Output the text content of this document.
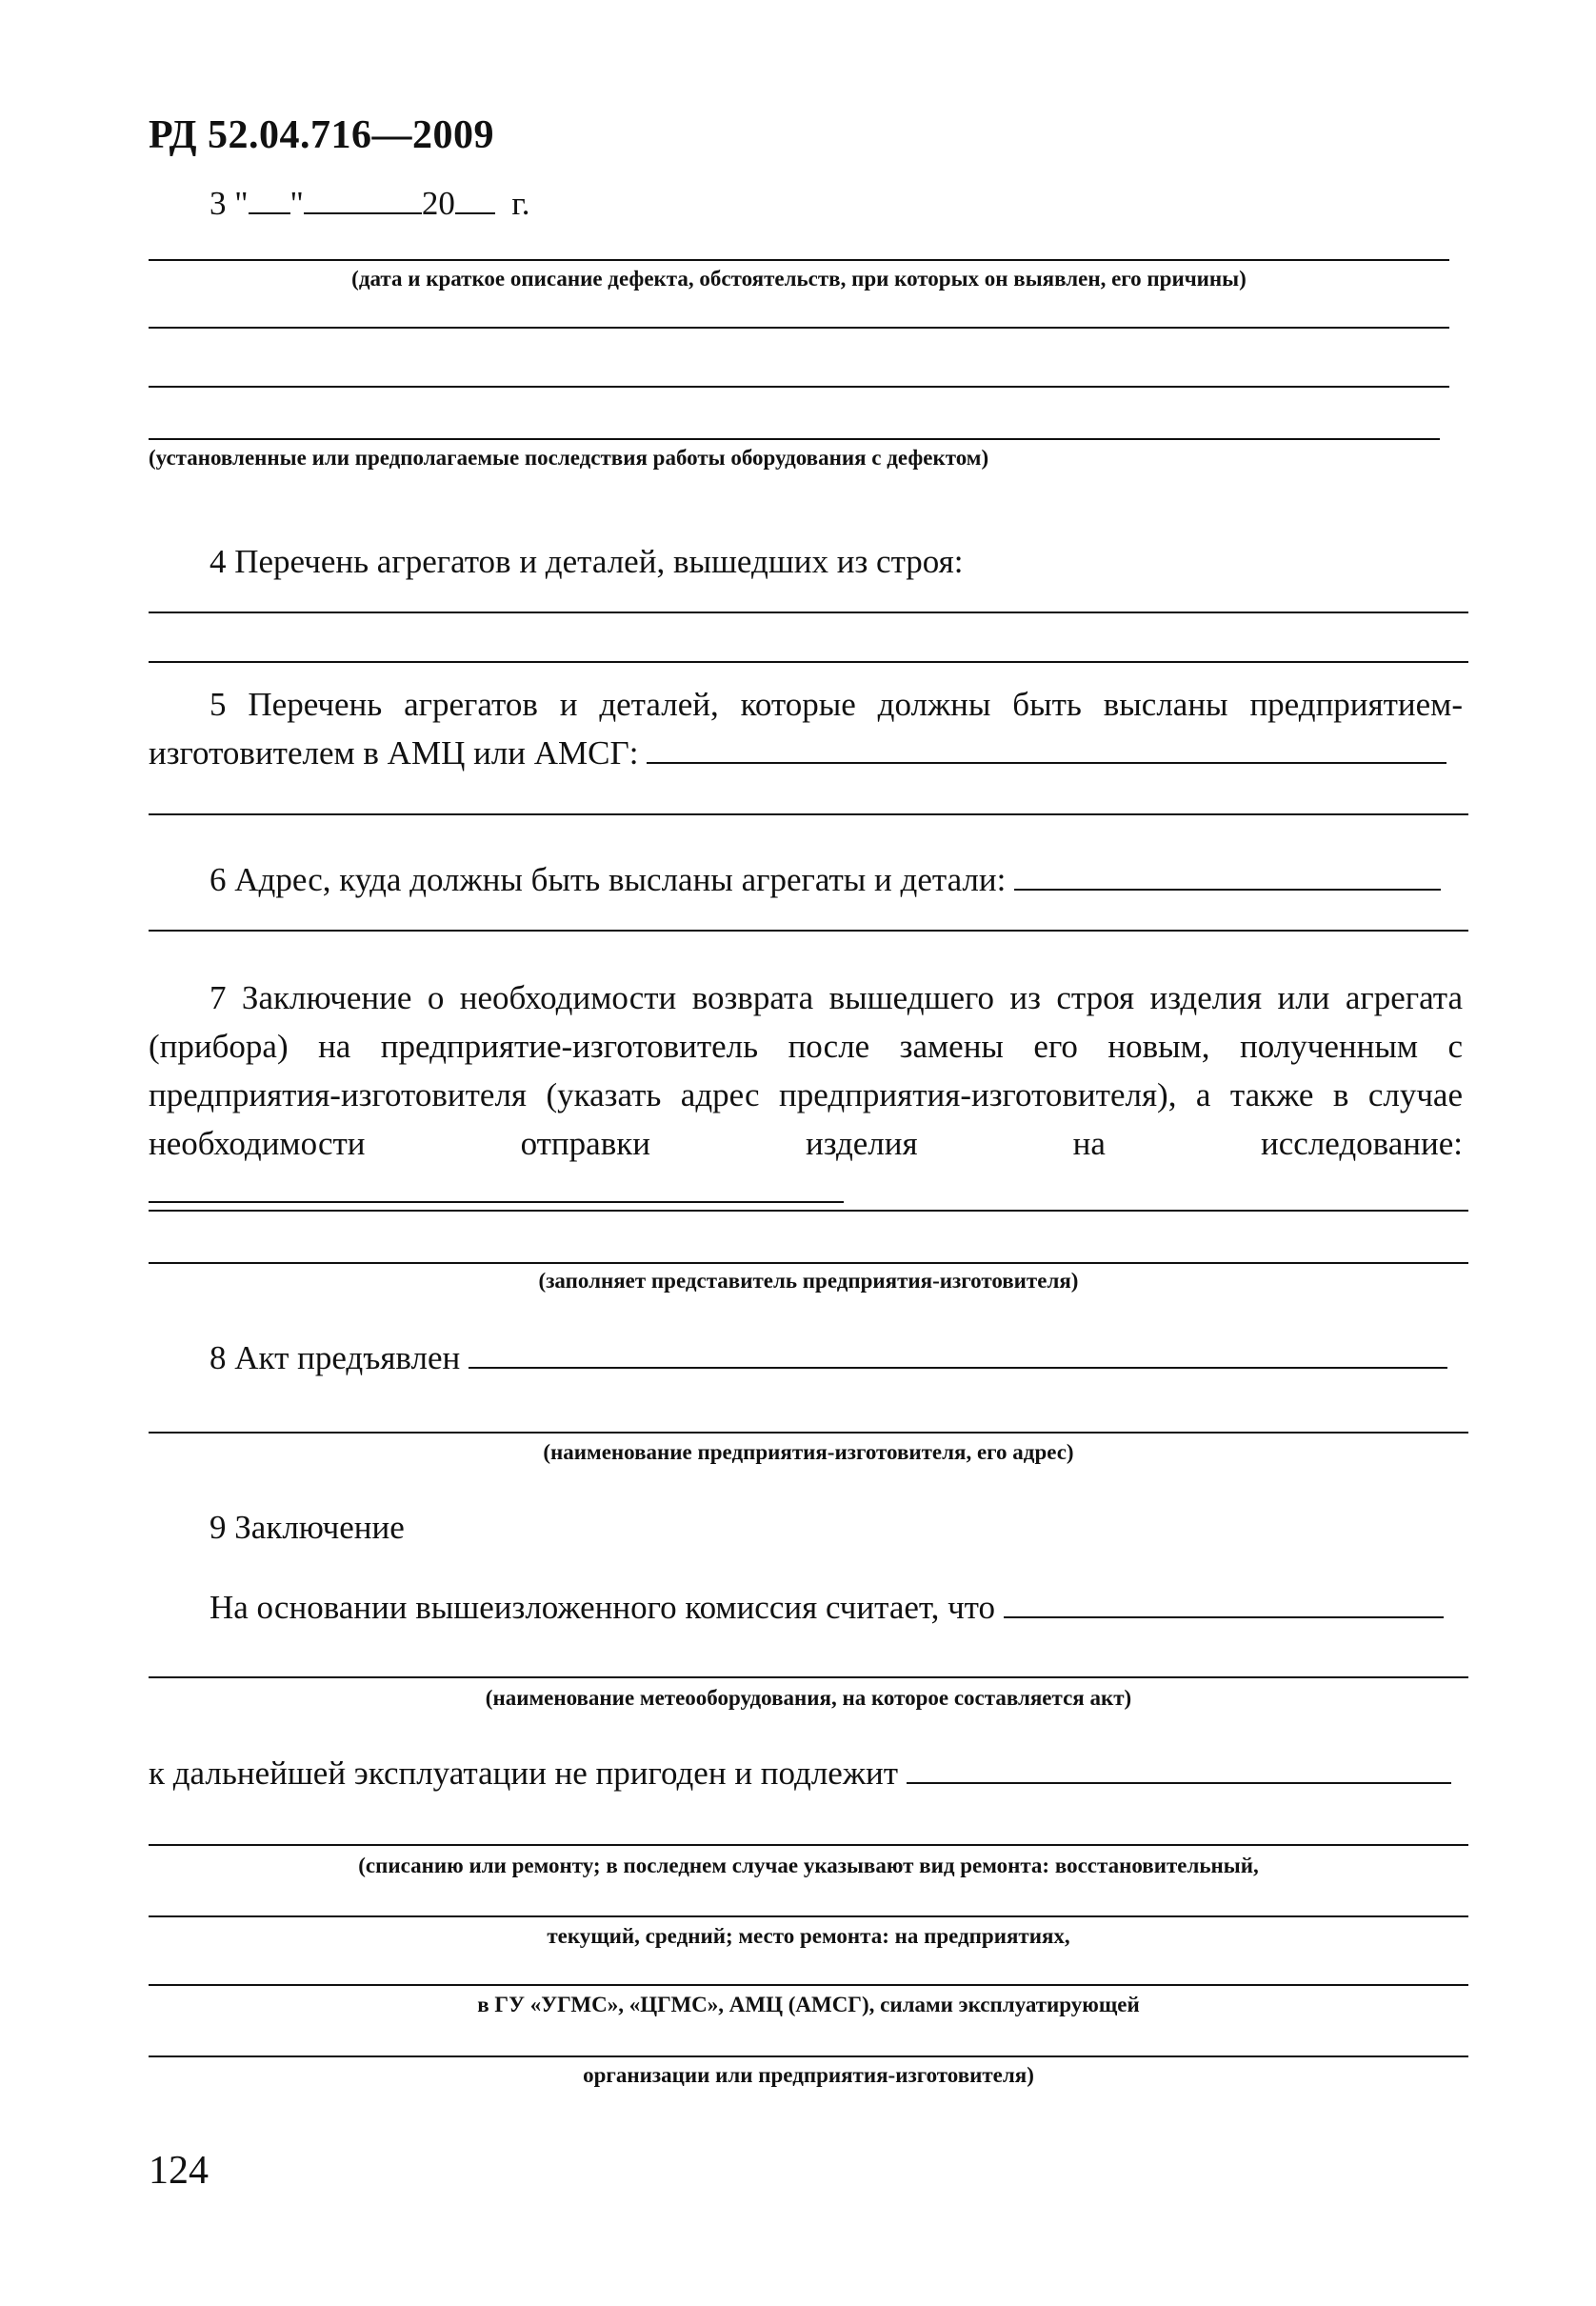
РД 52.04.716—2009
3 " "	20 г.
(дата и краткое описание дефекта, обстоятельств, при которых он выявлен, его причины)
(установленные или предполагаемые последствия работы оборудования с дефектом)
4 Перечень агрегатов и деталей, вышедших из строя:
5 Перечень агрегатов и деталей, которые должны быть высланы предприятием-изготовителем в АМЦ или АМСГ:
6 Адрес, куда должны быть высланы агрегаты и детали:
7 Заключение о необходимости возврата вышедшего из строя изделия или агрегата (прибора) на предприятие-изготовитель после замены его новым, полученным с предприятия-изготовителя (указать адрес предприятия-изготовителя), а также в случае необходимости отправки изделия на исследование:
(заполняет представитель предприятия-изготовителя)
8 Акт предъявлен
(наименование предприятия-изготовителя, его адрес)
9 Заключение
На основании вышеизложенного комиссия считает, что
(наименование метеооборудования, на которое составляется акт)
к дальнейшей эксплуатации не пригоден и подлежит
(списанию или ремонту; в последнем случае указывают вид ремонта: восстановительный,
текущий, средний; место ремонта: на предприятиях,
в ГУ «УГМС», «ЦГМС», АМЦ (АМСГ), силами эксплуатирующей
организации или предприятия-изготовителя)
124
